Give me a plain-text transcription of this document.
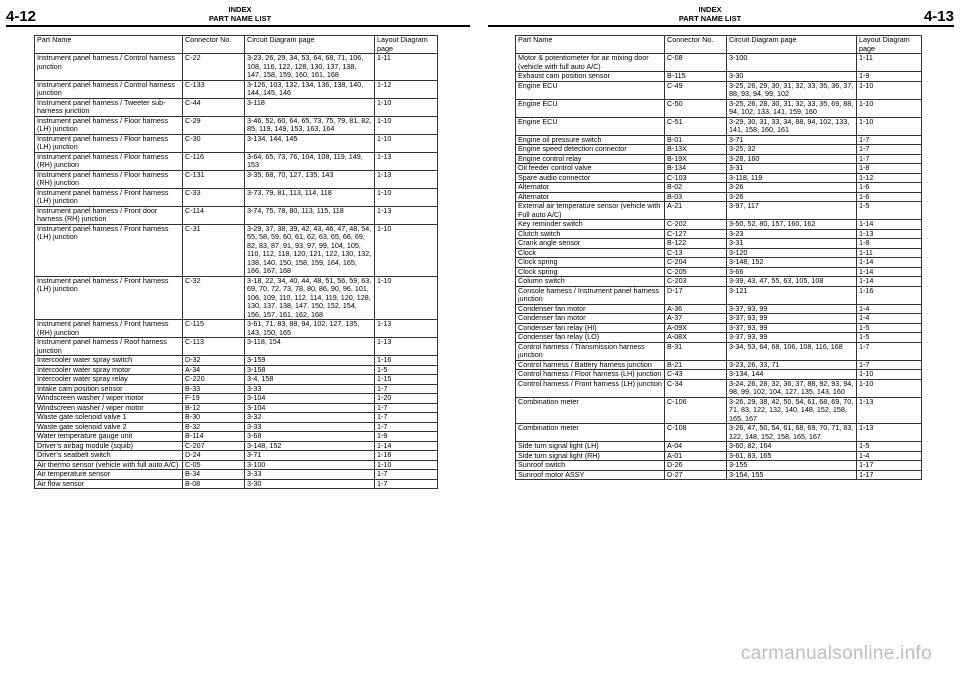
4-12	INDEX
PART NAME LIST
INDEX
PART NAME LIST	4-13
Part Name	Connector No.	Circuit Diagram page	Layout Diagram page
Instrument panel harness / Control harness junction	C-22	3-23, 26, 29, 34, 53, 64, 68, 71, 106, 108, 116, 122, 128, 130, 137, 138, 147, 158, 159, 160, 161, 168	1-11
Instrument panel harness / Control harness junction	C-133	3-126, 103, 132, 134, 136, 138, 140, 144, 145, 146	1-12
Instrument panel harness / Tweeter sub-harness junction	C-44	3-118	1-10
Instrument panel harness / Floor harness (LH) junction	C-29	3-46, 52, 60, 64, 65, 73, 75, 79, 81, 82, 85, 119, 149, 153, 163, 164	1-10
Instrument panel harness / Floor harness (LH) junction	C-30	3-134, 144, 145	1-10
Instrument panel harness / Floor harness (RH) junction	C-116	3-64, 65, 73, 76, 104, 108, 119, 149, 153	1-13
Instrument panel harness / Floor harness (RH) junction	C-131	3-35, 68, 70, 127, 135, 143	1-13
Instrument panel harness / Front harness (LH) junction	C-33	3-73, 79, 81, 113, 114, 118	1-10
Instrument panel harness / Front door harness (RH) junction	C-114	3-74, 75, 78, 80, 113, 115, 118	1-13
Instrument panel harness / Front harness (LH) junction	C-31	3-29, 37, 38, 39, 42, 43, 46, 47, 48, 54, 55, 58, 59, 60, 61, 62, 63, 65, 66, 69, 82, 83, 87, 91, 93, 97, 99, 104, 105, 110, 112, 118, 120, 121, 122, 130, 132, 138, 140, 150, 158, 159, 164, 165, 166, 167, 168	1-10
Instrument panel harness / Front harness (LH) junction	C-32	3-18, 22, 34, 40, 44, 48, 51, 56, 59, 63, 69, 70, 72, 73, 78, 80, 86, 90, 96, 101, 106, 109, 110, 112, 114, 119, 120, 128, 130, 137, 138, 147, 150, 152, 154, 156, 157, 161, 162, 168	1-10
Instrument panel harness / Front harness (RH) junction	C-115	3-61, 71, 83, 88, 94, 102, 127, 135, 143, 150, 165	1-13
Instrument panel harness / Roof harness junction	C-113	3-118, 154	1-13
Intercooler water spray switch	D-32	3-159	1-16
Intercooler water spray motor	A-34	3-158	1-5
Intercooler water spray relay	C-220	3-4, 158	1-15
Intake cam position sensor	B-33	3-33	1-7
Windscreen washer / wiper motor	F-19	3-104	1-20
Windscreen washer / wiper motor	B-12	3-104	1-7
Waste gate solenoid valve 1	B-30	3-32	1-7
Waste gate solenoid valve 2	B-32	3-33	1-7
Water temperature gauge unit	B-114	3-68	1-9
Driver’s airbag module (squib)	C-207	3-148, 152	1-14
Driver’s seatbelt switch	D-24	3-71	1-16
Air thermo sensor (vehicle with full auto A/C)	C-05	3-100	1-10
Air temperature sensor	B-34	3-33	1-7
Air flow sensor	B-08	3-30	1-7
Part Name	Connector No.	Circuit Diagram page	Layout Diagram page
Motor & potentiometer for air mixing door (vehicle with full auto A/C)	C-08	3-100	1-11
Exhaust cam position sensor	B-115	3-30	1-9
Engine ECU	C-49	3-25, 26, 29, 30, 31, 32, 33, 35, 36, 37, 88, 93, 94, 99, 102	1-10
Engine ECU	C-50	3-25, 26, 28, 30, 31, 32, 33, 35, 69, 88, 94, 102, 133, 141, 159, 160	1-10
Engine ECU	C-51	3-29, 30, 31, 33, 34, 88, 94, 102, 133, 141, 158, 160, 161	1-10
Engine oil pressure switch	B-01	3-71	1-7
Engine speed detection connector	B-13X	3-25, 32	1-7
Engine control relay	B-19X	3-28, 160	1-7
Oil feeder control valve	B-134	3-31	1-8
Spare audio connector	C-103	3-118, 119	1-12
Alternator	B-02	3-26	1-6
Alternator	B-03	3-26	1-6
External air temperature sensor (vehicle with Full auto A/C)	A-21	3-97, 117	1-5
Key reminder switch	C-202	3-50, 52, 80, 157, 160, 162	1-14
Clutch switch	C-127	3-23	1-13
Crank angle sensor	B-122	3-31	1-8
Clock	C-13	3-120	1-11
Clock spring	C-204	3-148, 152	1-14
Clock spring	C-205	3-66	1-14
Column switch	C-203	3-39, 43, 47, 55, 63, 105, 108	1-14
Console harness / Instrument panel harness junction	D-17	3-121	1-16
Condenser fan motor	A-36	3-37, 93, 99	1-4
Condenser fan motor	A-37	3-37, 93, 99	1-4
Condenser fan relay (HI)	A-09X	3-37, 93, 99	1-5
Condenser fan relay (LO)	A-08X	3-37, 93, 99	1-5
Control harness / Transmission harness junction	B-31	3-34, 53, 64, 68, 106, 108, 116, 168	1-7
Control harness / Battery harness junction	B-21	3-23, 26, 33, 71	1-7
Control harness / Floor harness (LH) junction	C-43	3-134, 144	1-10
Control harness / Front harness (LH) junction	C-34	3-24, 26, 28, 32, 36, 37, 88, 92, 93, 94, 98, 99, 102, 104, 127, 135, 143, 160	1-10
Combination meter	C-106	3-26, 29, 38, 42, 50, 54, 61, 68, 69, 70, 71, 83, 122, 132, 140, 148, 152, 158, 165, 167	1-13
Combination meter	C-108	3-26, 47, 50, 54, 61, 68, 69, 70, 71, 83, 122, 148, 152, 158, 165, 167	1-13
Side turn signal light (LH)	A-04	3-60, 82, 164	1-5
Side turn signal light (RH)	A-01	3-61, 83, 165	1-4
Sunroof switch	D-26	3-155	1-17
Sunroof motor ASSY	D-27	3-154, 155	1-17
carmanualsonline.info
